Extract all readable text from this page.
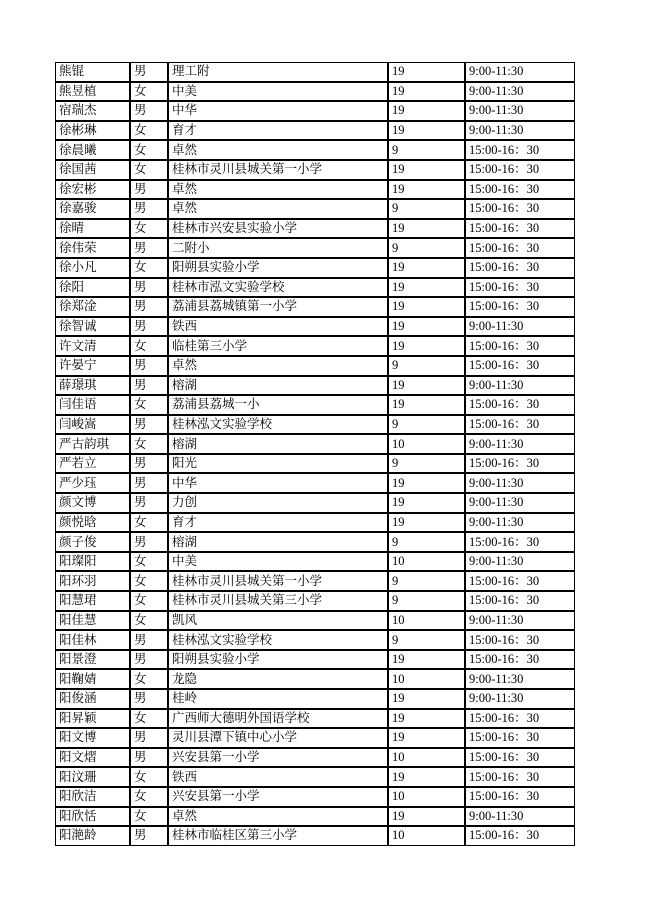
熊锟	男	理工附	19	9:00-11:30
熊昱植	女	中美	19	9:00-11:30
宿瑞杰	男	中华	19	9:00-11:30
徐彬琳	女	育才	19	9:00-11:30
徐晨曦	女	卓然	9	15:00-16：30
徐国茜	女	桂林市灵川县城关第一小学	19	15:00-16：30
徐宏彬	男	卓然	19	15:00-16：30
徐嘉骏	男	卓然	9	15:00-16：30
徐晴	女	桂林市兴安县实验小学	19	15:00-16：30
徐伟荣	男	二附小	9	15:00-16：30
徐小凡	女	阳朔县实验小学	19	15:00-16：30
徐阳	男	桂林市泓文实验学校	19	15:00-16：30
徐郑淦	男	荔浦县荔城镇第一小学	19	15:00-16：30
徐智诚	男	铁西	19	9:00-11:30
许文清	女	临桂第三小学	19	15:00-16：30
许晏宁	男	卓然	9	15:00-16：30
薛璟琪	男	榕湖	19	9:00-11:30
闫佳语	女	荔浦县荔城一小	19	15:00-16：30
闫峻嵩	男	桂林泓文实验学校	9	15:00-16：30
严古韵琪	女	榕湖	10	9:00-11:30
严若立	男	阳光	9	15:00-16：30
严少珏	男	中华	19	9:00-11:30
颜文博	男	力创	19	9:00-11:30
颜悦晗	女	育才	19	9:00-11:30
颜子俊	男	榕湖	9	15:00-16：30
阳璨阳	女	中美	10	9:00-11:30
阳环羽	女	桂林市灵川县城关第一小学	9	15:00-16：30
阳慧珺	女	桂林市灵川县城关第三小学	9	15:00-16：30
阳佳慧	女	凯风	10	9:00-11:30
阳佳林	男	桂林泓文实验学校	9	15:00-16：30
阳景澄	男	阳朔县实验小学	19	15:00-16：30
阳鞠婧	女	龙隐	10	9:00-11:30
阳俊涵	男	桂岭	19	9:00-11:30
阳昇颖	女	广西师大德明外国语学校	19	15:00-16：30
阳文博	男	灵川县潭下镇中心小学	19	15:00-16：30
阳文熠	男	兴安县第一小学	10	15:00-16：30
阳汶珊	女	铁西	19	15:00-16：30
阳欣洁	女	兴安县第一小学	10	15:00-16：30
阳欣恬	女	卓然	19	9:00-11:30
阳滟龄	男	桂林市临桂区第三小学	10	15:00-16：30
